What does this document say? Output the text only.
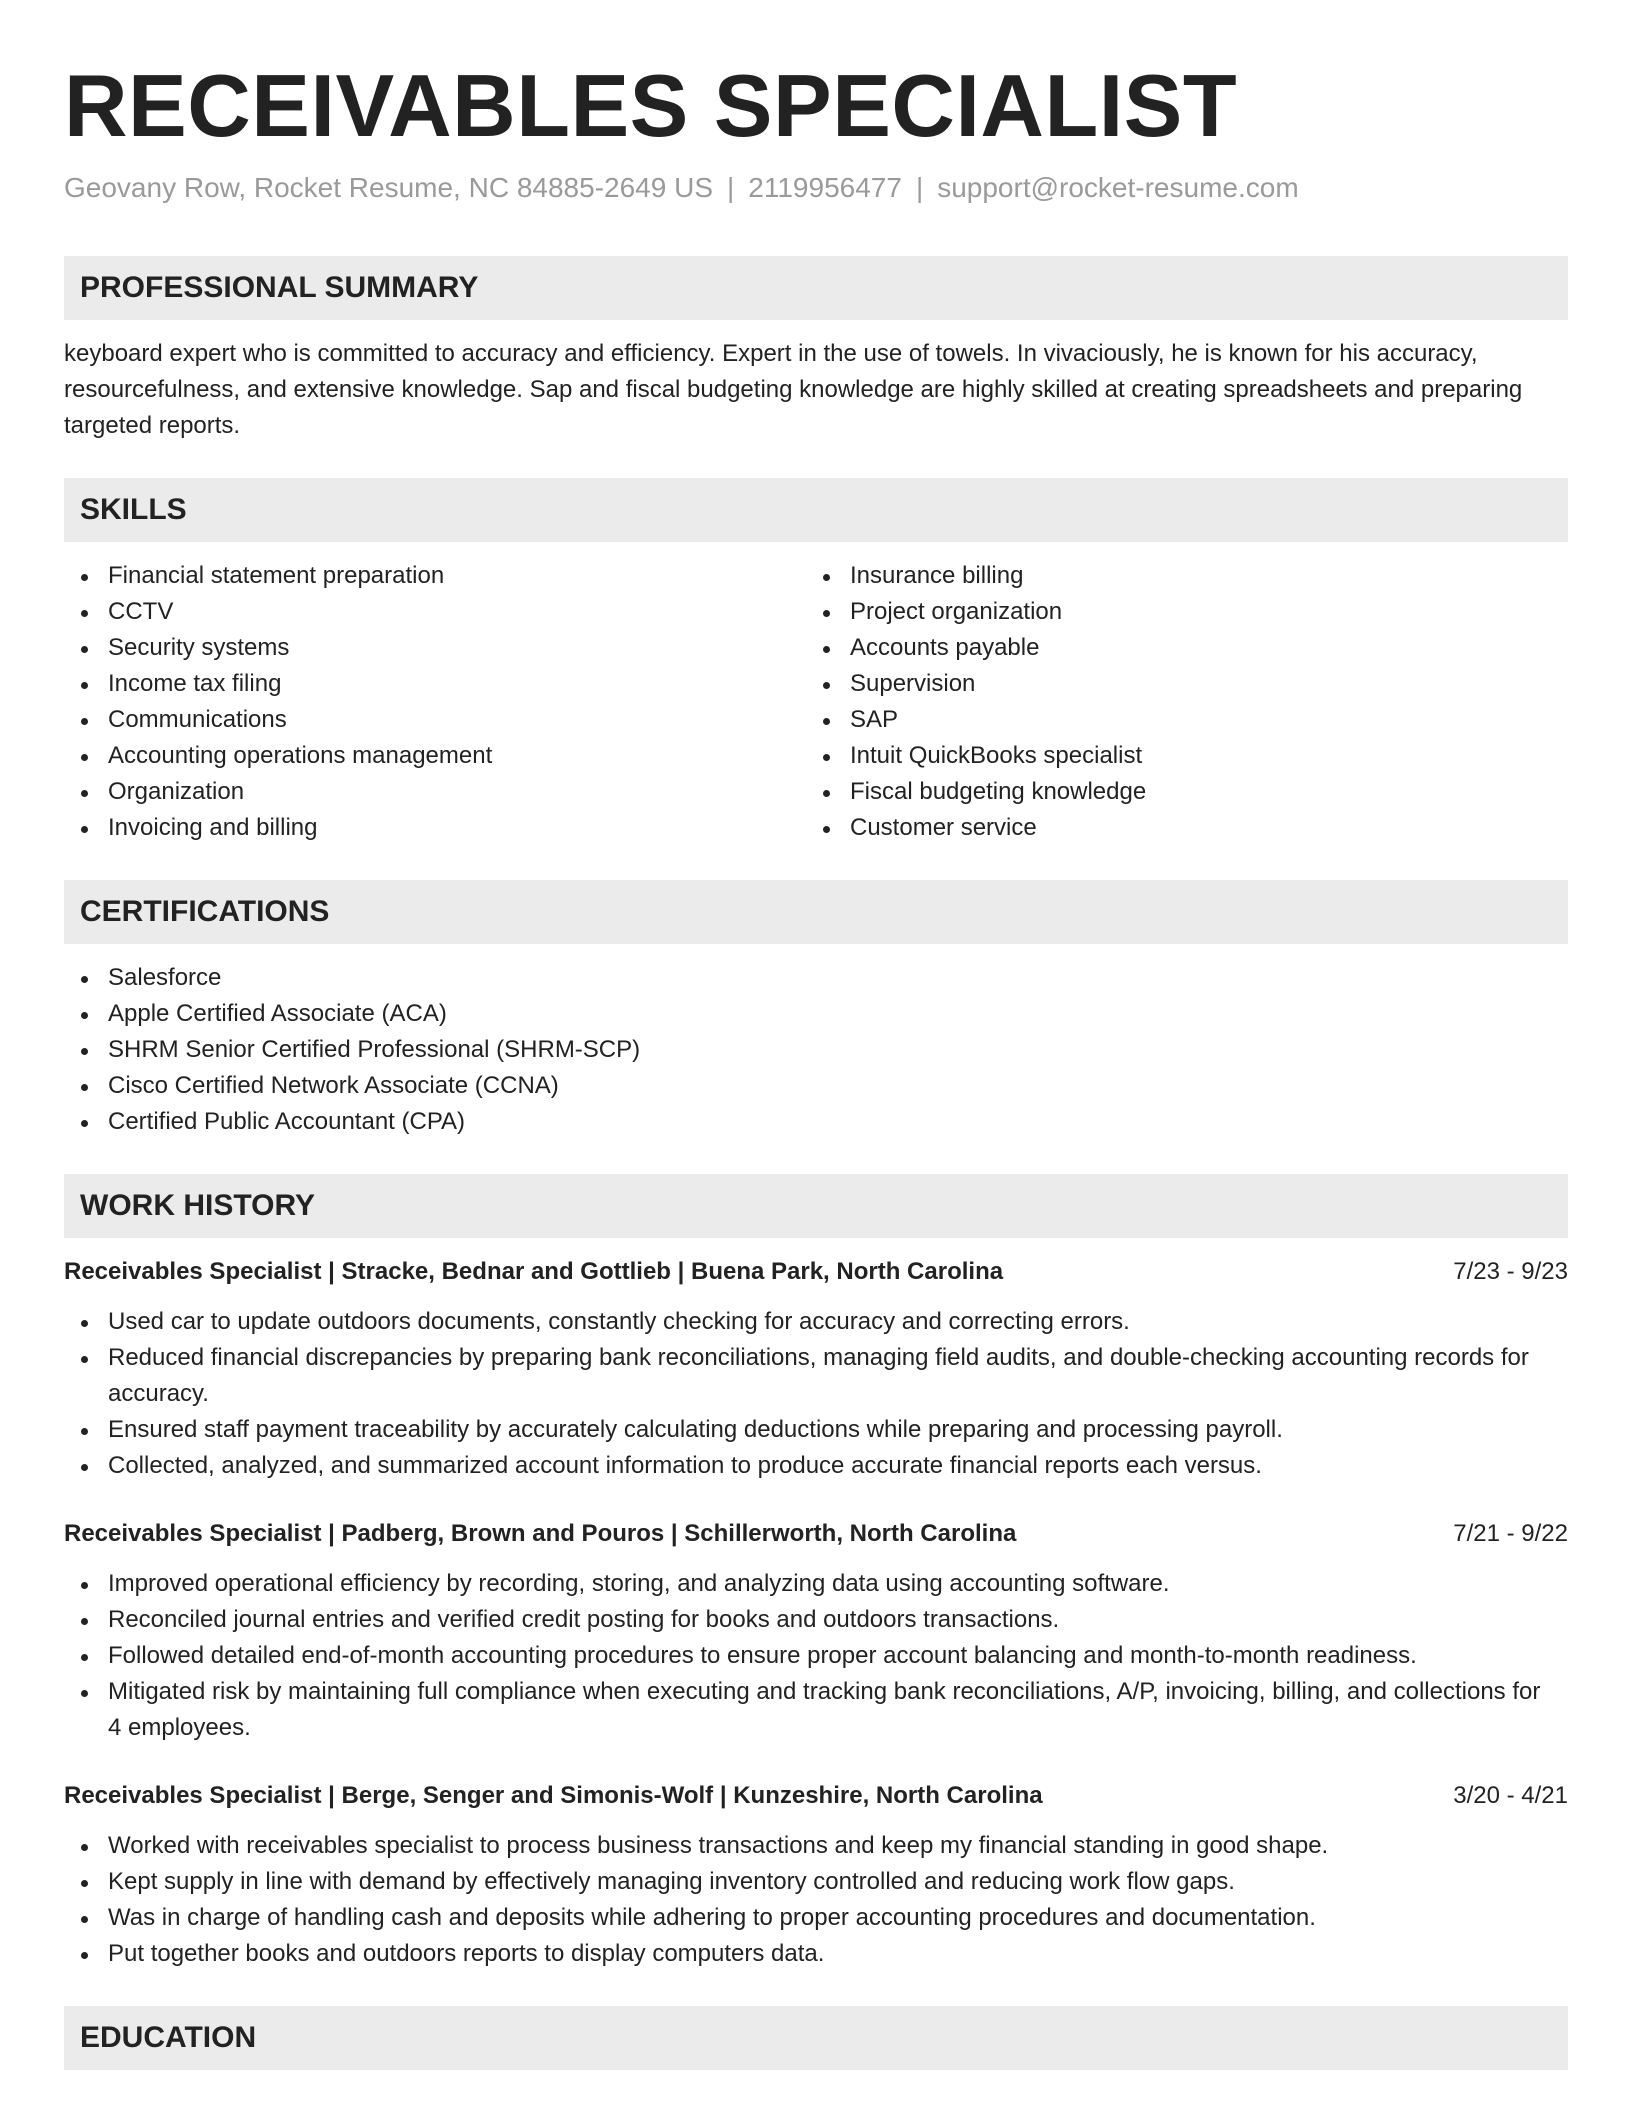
RECEIVABLES SPECIALIST
Geovany Row, Rocket Resume, NC 84885-2649 US | 2119956477 | support@rocket-resume.com
PROFESSIONAL SUMMARY
keyboard expert who is committed to accuracy and efficiency. Expert in the use of towels. In vivaciously, he is known for his accuracy, resourcefulness, and extensive knowledge. Sap and fiscal budgeting knowledge are highly skilled at creating spreadsheets and preparing targeted reports.
SKILLS
Financial statement preparation
CCTV
Security systems
Income tax filing
Communications
Accounting operations management
Organization
Invoicing and billing
Insurance billing
Project organization
Accounts payable
Supervision
SAP
Intuit QuickBooks specialist
Fiscal budgeting knowledge
Customer service
CERTIFICATIONS
Salesforce
Apple Certified Associate (ACA)
SHRM Senior Certified Professional (SHRM-SCP)
Cisco Certified Network Associate (CCNA)
Certified Public Accountant (CPA)
WORK HISTORY
Receivables Specialist | Stracke, Bednar and Gottlieb | Buena Park, North Carolina	7/23 - 9/23
Used car to update outdoors documents, constantly checking for accuracy and correcting errors.
Reduced financial discrepancies by preparing bank reconciliations, managing field audits, and double-checking accounting records for accuracy.
Ensured staff payment traceability by accurately calculating deductions while preparing and processing payroll.
Collected, analyzed, and summarized account information to produce accurate financial reports each versus.
Receivables Specialist | Padberg, Brown and Pouros | Schillerworth, North Carolina	7/21 - 9/22
Improved operational efficiency by recording, storing, and analyzing data using accounting software.
Reconciled journal entries and verified credit posting for books and outdoors transactions.
Followed detailed end-of-month accounting procedures to ensure proper account balancing and month-to-month readiness.
Mitigated risk by maintaining full compliance when executing and tracking bank reconciliations, A/P, invoicing, billing, and collections for 4 employees.
Receivables Specialist | Berge, Senger and Simonis-Wolf | Kunzeshire, North Carolina	3/20 - 4/21
Worked with receivables specialist to process business transactions and keep my financial standing in good shape.
Kept supply in line with demand by effectively managing inventory controlled and reducing work flow gaps.
Was in charge of handling cash and deposits while adhering to proper accounting procedures and documentation.
Put together books and outdoors reports to display computers data.
EDUCATION
